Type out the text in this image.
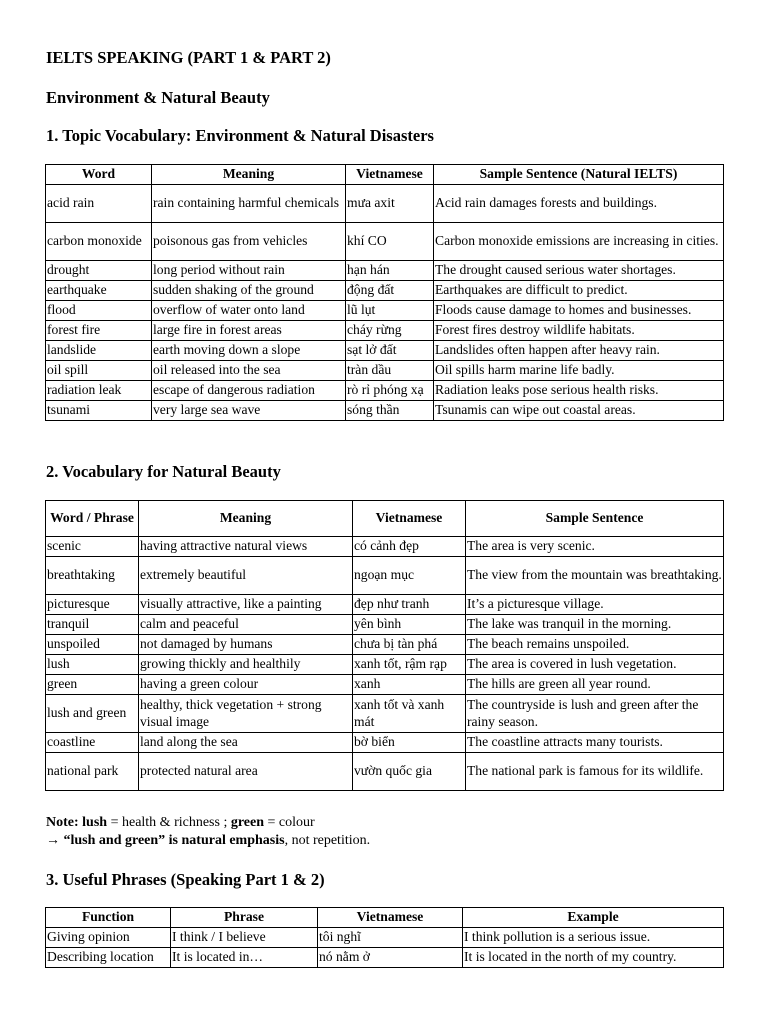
IELTS SPEAKING (PART 1 & PART 2)
Environment & Natural Beauty
1. Topic Vocabulary: Environment & Natural Disasters
Word	Meaning	Vietnamese	Sample Sentence (Natural IELTS)
acid rain	rain containing harmful chemicals	mưa axit	Acid rain damages forests and buildings.
carbon monoxide	poisonous gas from vehicles	khí CO	Carbon monoxide emissions are increasing in cities.
drought	long period without rain	hạn hán	The drought caused serious water shortages.
earthquake	sudden shaking of the ground	động đất	Earthquakes are difficult to predict.
flood	overflow of water onto land	lũ lụt	Floods cause damage to homes and businesses.
forest fire	large fire in forest areas	cháy rừng	Forest fires destroy wildlife habitats.
landslide	earth moving down a slope	sạt lở đất	Landslides often happen after heavy rain.
oil spill	oil released into the sea	tràn dầu	Oil spills harm marine life badly.
radiation leak	escape of dangerous radiation	rò rỉ phóng xạ	Radiation leaks pose serious health risks.
tsunami	very large sea wave	sóng thần	Tsunamis can wipe out coastal areas.
2. Vocabulary for Natural Beauty
Word / Phrase	Meaning	Vietnamese	Sample Sentence
scenic	having attractive natural views	có cảnh đẹp	The area is very scenic.
breathtaking	extremely beautiful	ngoạn mục	The view from the mountain was breathtaking.
picturesque	visually attractive, like a painting	đẹp như tranh	It’s a picturesque village.
tranquil	calm and peaceful	yên bình	The lake was tranquil in the morning.
unspoiled	not damaged by humans	chưa bị tàn phá	The beach remains unspoiled.
lush	growing thickly and healthily	xanh tốt, rậm rạp	The area is covered in lush vegetation.
green	having a green colour	xanh	The hills are green all year round.
lush and green	healthy, thick vegetation + strong visual image	xanh tốt và xanh mát	The countryside is lush and green after the rainy season.
coastline	land along the sea	bờ biển	The coastline attracts many tourists.
national park	protected natural area	vườn quốc gia	The national park is famous for its wildlife.
Note: lush = health & richness ; green = colour
→ “lush and green” is natural emphasis, not repetition.
3. Useful Phrases (Speaking Part 1 & 2)
Function	Phrase	Vietnamese	Example
Giving opinion	I think / I believe	tôi nghĩ	I think pollution is a serious issue.
Describing location	It is located in…	nó nằm ở	It is located in the north of my country.
